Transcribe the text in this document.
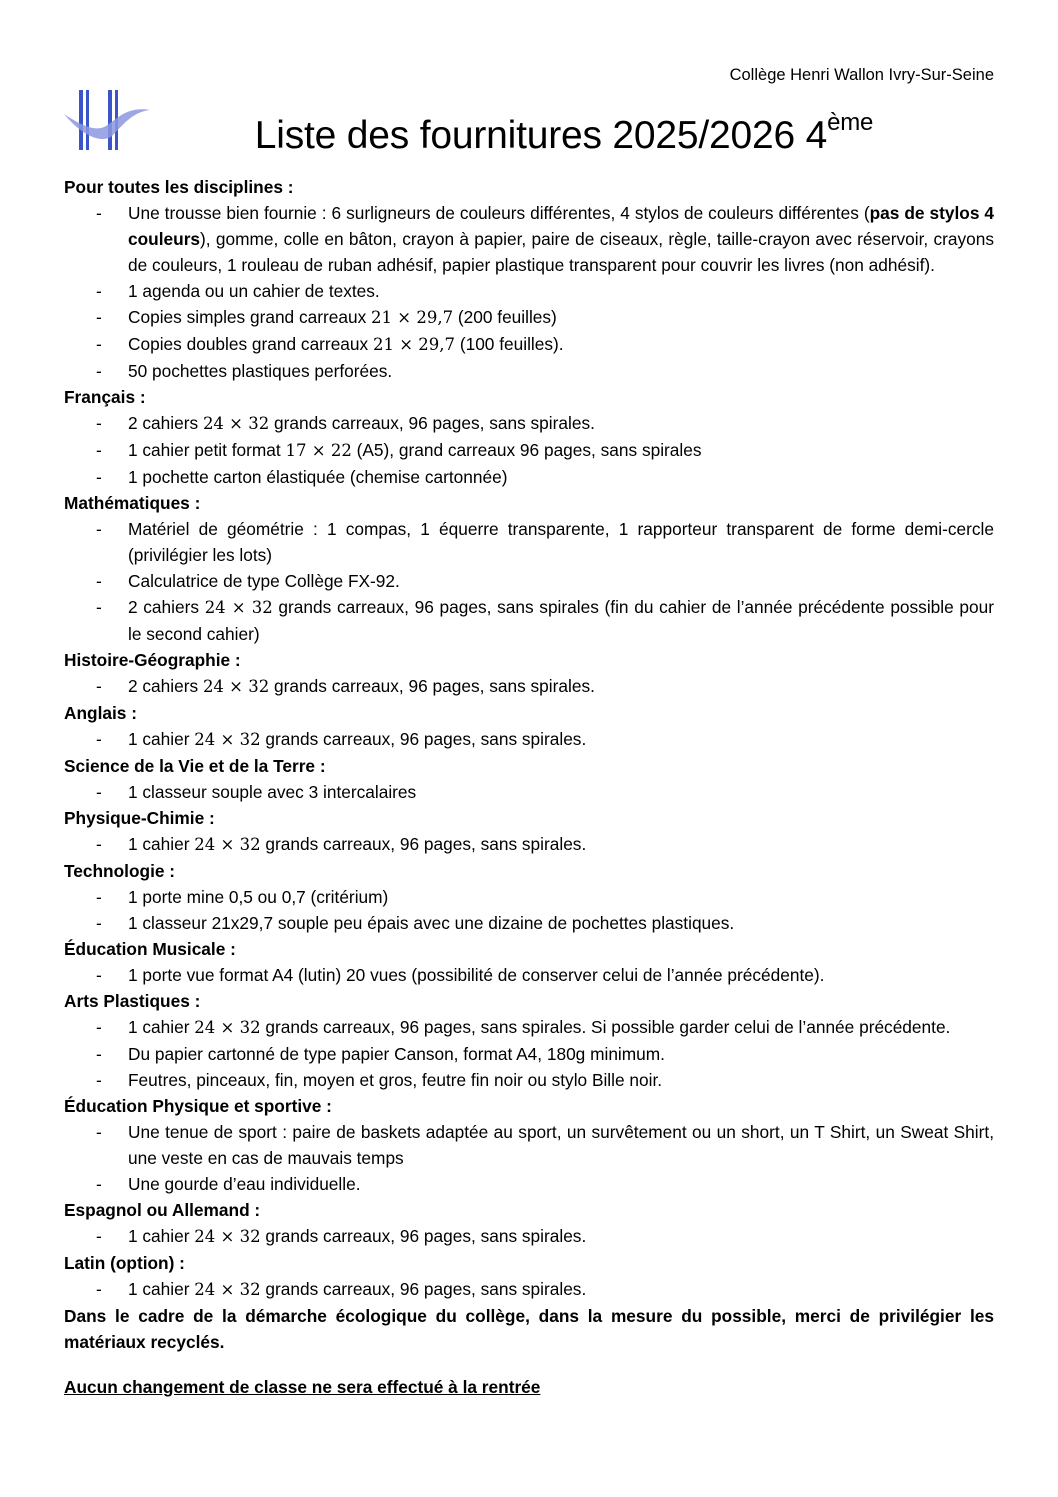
Collège Henri Wallon Ivry-Sur-Seine
Liste des fournitures 2025/2026 4ème
Pour toutes les disciplines :
- Une trousse bien fournie : 6 surligneurs de couleurs différentes, 4 stylos de couleurs différentes (pas de stylos 4 couleurs), gomme, colle en bâton, crayon à papier, paire de ciseaux, règle, taille-crayon avec réservoir, crayons de couleurs, 1 rouleau de ruban adhésif, papier plastique transparent pour couvrir les livres (non adhésif).
- 1 agenda ou un cahier de textes.
- Copies simples grand carreaux 21 × 29,7 (200 feuilles)
- Copies doubles grand carreaux 21 × 29,7 (100 feuilles).
- 50 pochettes plastiques perforées.
Français :
- 2 cahiers 24 × 32 grands carreaux, 96 pages, sans spirales.
- 1 cahier petit format 17 × 22 (A5), grand carreaux 96 pages, sans spirales
- 1 pochette carton élastiquée (chemise cartonnée)
Mathématiques :
- Matériel de géométrie : 1 compas, 1 équerre transparente, 1 rapporteur transparent de forme demi-cercle (privilégier les lots)
- Calculatrice de type Collège FX-92.
- 2 cahiers 24 × 32 grands carreaux, 96 pages, sans spirales (fin du cahier de l’année précédente possible pour le second cahier)
Histoire-Géographie :
- 2 cahiers 24 × 32 grands carreaux, 96 pages, sans spirales.
Anglais :
- 1 cahier 24 × 32 grands carreaux, 96 pages, sans spirales.
Science de la Vie et de la Terre :
- 1 classeur souple avec 3 intercalaires
Physique-Chimie :
- 1 cahier 24 × 32 grands carreaux, 96 pages, sans spirales.
Technologie :
- 1 porte mine 0,5 ou 0,7 (critérium)
- 1 classeur 21x29,7 souple peu épais avec une dizaine de pochettes plastiques.
Éducation Musicale :
- 1 porte vue format A4 (lutin) 20 vues (possibilité de conserver celui de l’année précédente).
Arts Plastiques :
- 1 cahier 24 × 32 grands carreaux, 96 pages, sans spirales. Si possible garder celui de l’année précédente.
- Du papier cartonné de type papier Canson, format A4, 180g minimum.
- Feutres, pinceaux, fin, moyen et gros, feutre fin noir ou stylo Bille noir.
Éducation Physique et sportive :
- Une tenue de sport : paire de baskets adaptée au sport, un survêtement ou un short, un T Shirt, un Sweat Shirt, une veste en cas de mauvais temps
- Une gourde d’eau individuelle.
Espagnol ou Allemand :
- 1 cahier 24 × 32 grands carreaux, 96 pages, sans spirales.
Latin (option) :
- 1 cahier 24 × 32 grands carreaux, 96 pages, sans spirales.
Dans le cadre de la démarche écologique du collège, dans la mesure du possible, merci de privilégier les matériaux recyclés.
Aucun changement de classe ne sera effectué à la rentrée
